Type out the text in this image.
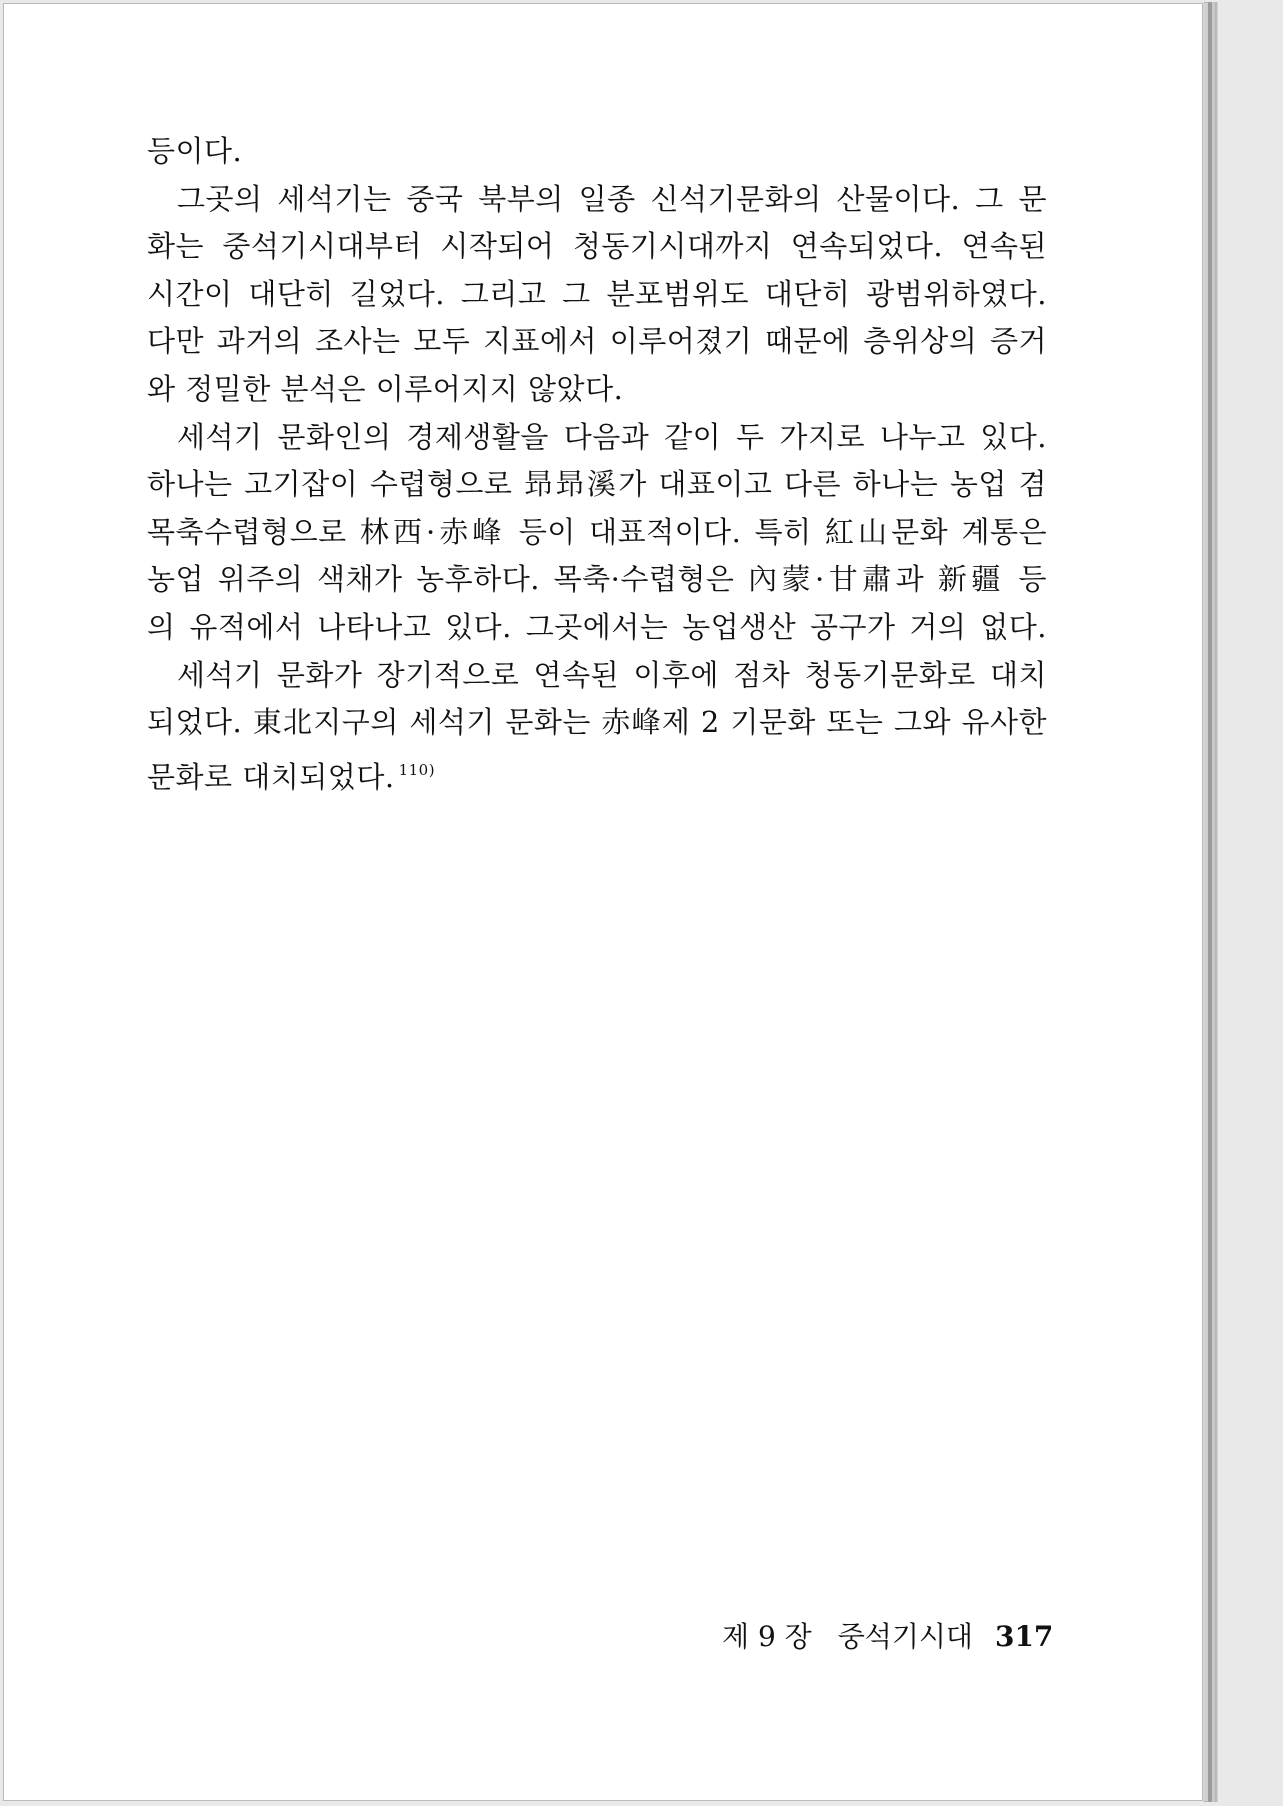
등이다.
그곳의 세석기는 중국 북부의 일종 신석기문화의 산물이다. 그 문
화는 중석기시대부터 시작되어 청동기시대까지 연속되었다. 연속된
시간이 대단히 길었다. 그리고 그 분포범위도 대단히 광범위하였다.
다만 과거의 조사는 모두 지표에서 이루어졌기 때문에 층위상의 증거
와 정밀한 분석은 이루어지지 않았다.
세석기 문화인의 경제생활을 다음과 같이 두 가지로 나누고 있다.
하나는 고기잡이 수렵형으로 昻昻溪가 대표이고 다른 하나는 농업 겸
목축수렵형으로 林西·赤峰 등이 대표적이다. 특히 紅山문화 계통은
농업 위주의 색채가 농후하다. 목축·수렵형은 內蒙·甘肅과 新疆 등
의 유적에서 나타나고 있다. 그곳에서는 농업생산 공구가 거의 없다.
세석기 문화가 장기적으로 연속된 이후에 점차 청동기문화로 대치
되었다. 東北지구의 세석기 문화는 赤峰제 2 기문화 또는 그와 유사한
문화로 대치되었다. $^{110)}$
제 9 장 중석기시대 317
